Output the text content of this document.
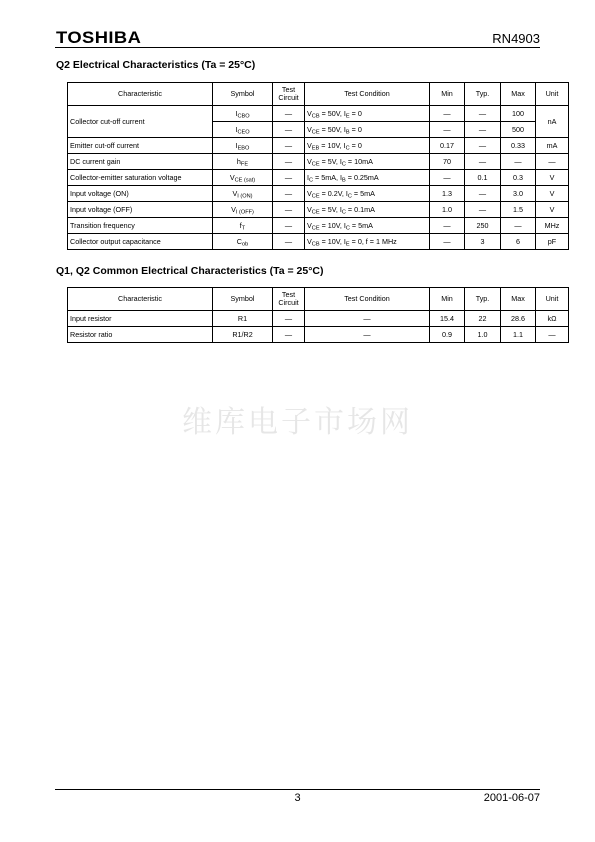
TOSHIBA	RN4903
Q2 Electrical Characteristics (Ta = 25°C)
Characteristic	Symbol	Test Circuit	Test Condition	Min	Typ.	Max	Unit
Collector cut-off current	$I_{CBO}$	—	$V_{CB} = 50V$, $I_E = 0$	—	—	100	nA
	$I_{CEO}$	—	$V_{CE} = 50V$, $I_B = 0$	—	—	500	
Emitter cut-off current	$I_{EBO}$	—	$V_{EB} = 10V$, $I_C = 0$	0.17	—	0.33	mA
DC current gain	$h_{FE}$	—	$V_{CE} = 5V$, $I_C = 10mA$	70	—	—	—
Collector-emitter saturation voltage	$V_{CE (sat)}$	—	$I_C = 5mA$, $I_B = 0.25mA$	—	0.1	0.3	V
Input voltage (ON)	$V_{I (ON)}$	—	$V_{CE} = 0.2V$, $I_C = 5mA$	1.3	—	3.0	V
Input voltage (OFF)	$V_{I (OFF)}$	—	$V_{CE} = 5V$, $I_C = 0.1mA$	1.0	—	1.5	V
Transition frequency	$f_T$	—	$V_{CE} = 10V$, $I_C = 5mA$	—	250	—	MHz
Collector output capacitance	$C_{ob}$	—	$V_{CB} = 10V$, $I_E = 0$, f = 1 MHz	—	3	6	pF
Q1, Q2 Common Electrical Characteristics (Ta = 25°C)
Characteristic	Symbol	Test Circuit	Test Condition	Min	Typ.	Max	Unit
Input resistor	R1	—	—	15.4	22	28.6	kΩ
Resistor ratio	R1/R2	—	—	0.9	1.0	1.1	—
维库电子市场网
3	2001-06-07
